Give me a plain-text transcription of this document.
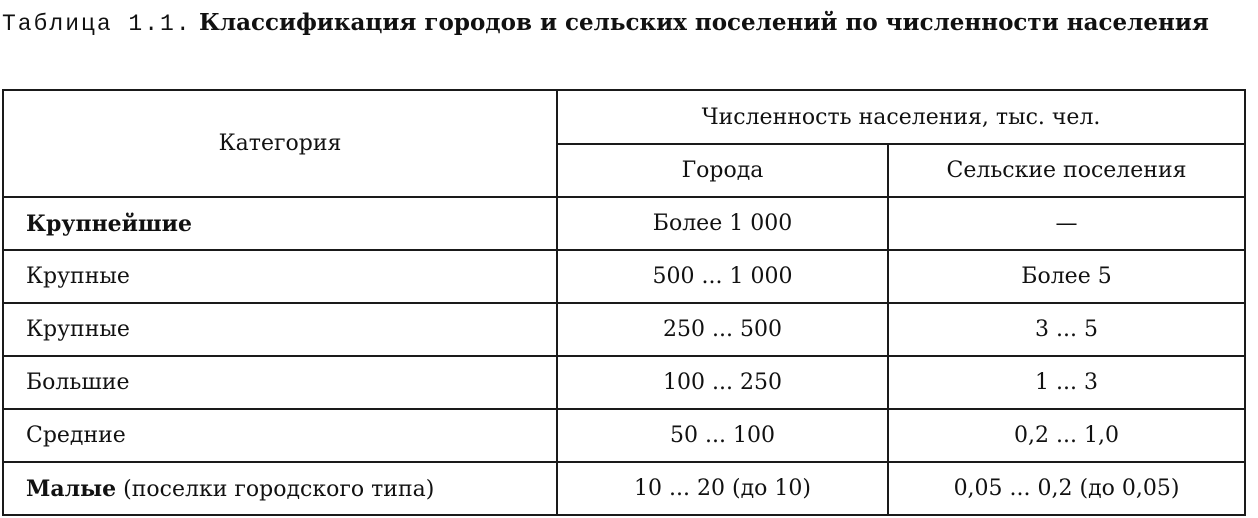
Таблица 1.1. Классификация городов и сельских поселений по численности населения
Категория	Численность населения, тыс. чел.	
	Города	Сельские поселения
Крупнейшие	Более 1 000	—
Крупные	500 ... 1 000	Более 5
Крупные	250 ... 500	3 ... 5
Большие	100 ... 250	1 ... 3
Средние	50 ... 100	0,2 ... 1,0
Малые (поселки городского типа)	10 ... 20 (до 10)	0,05 ... 0,2 (до 0,05)
